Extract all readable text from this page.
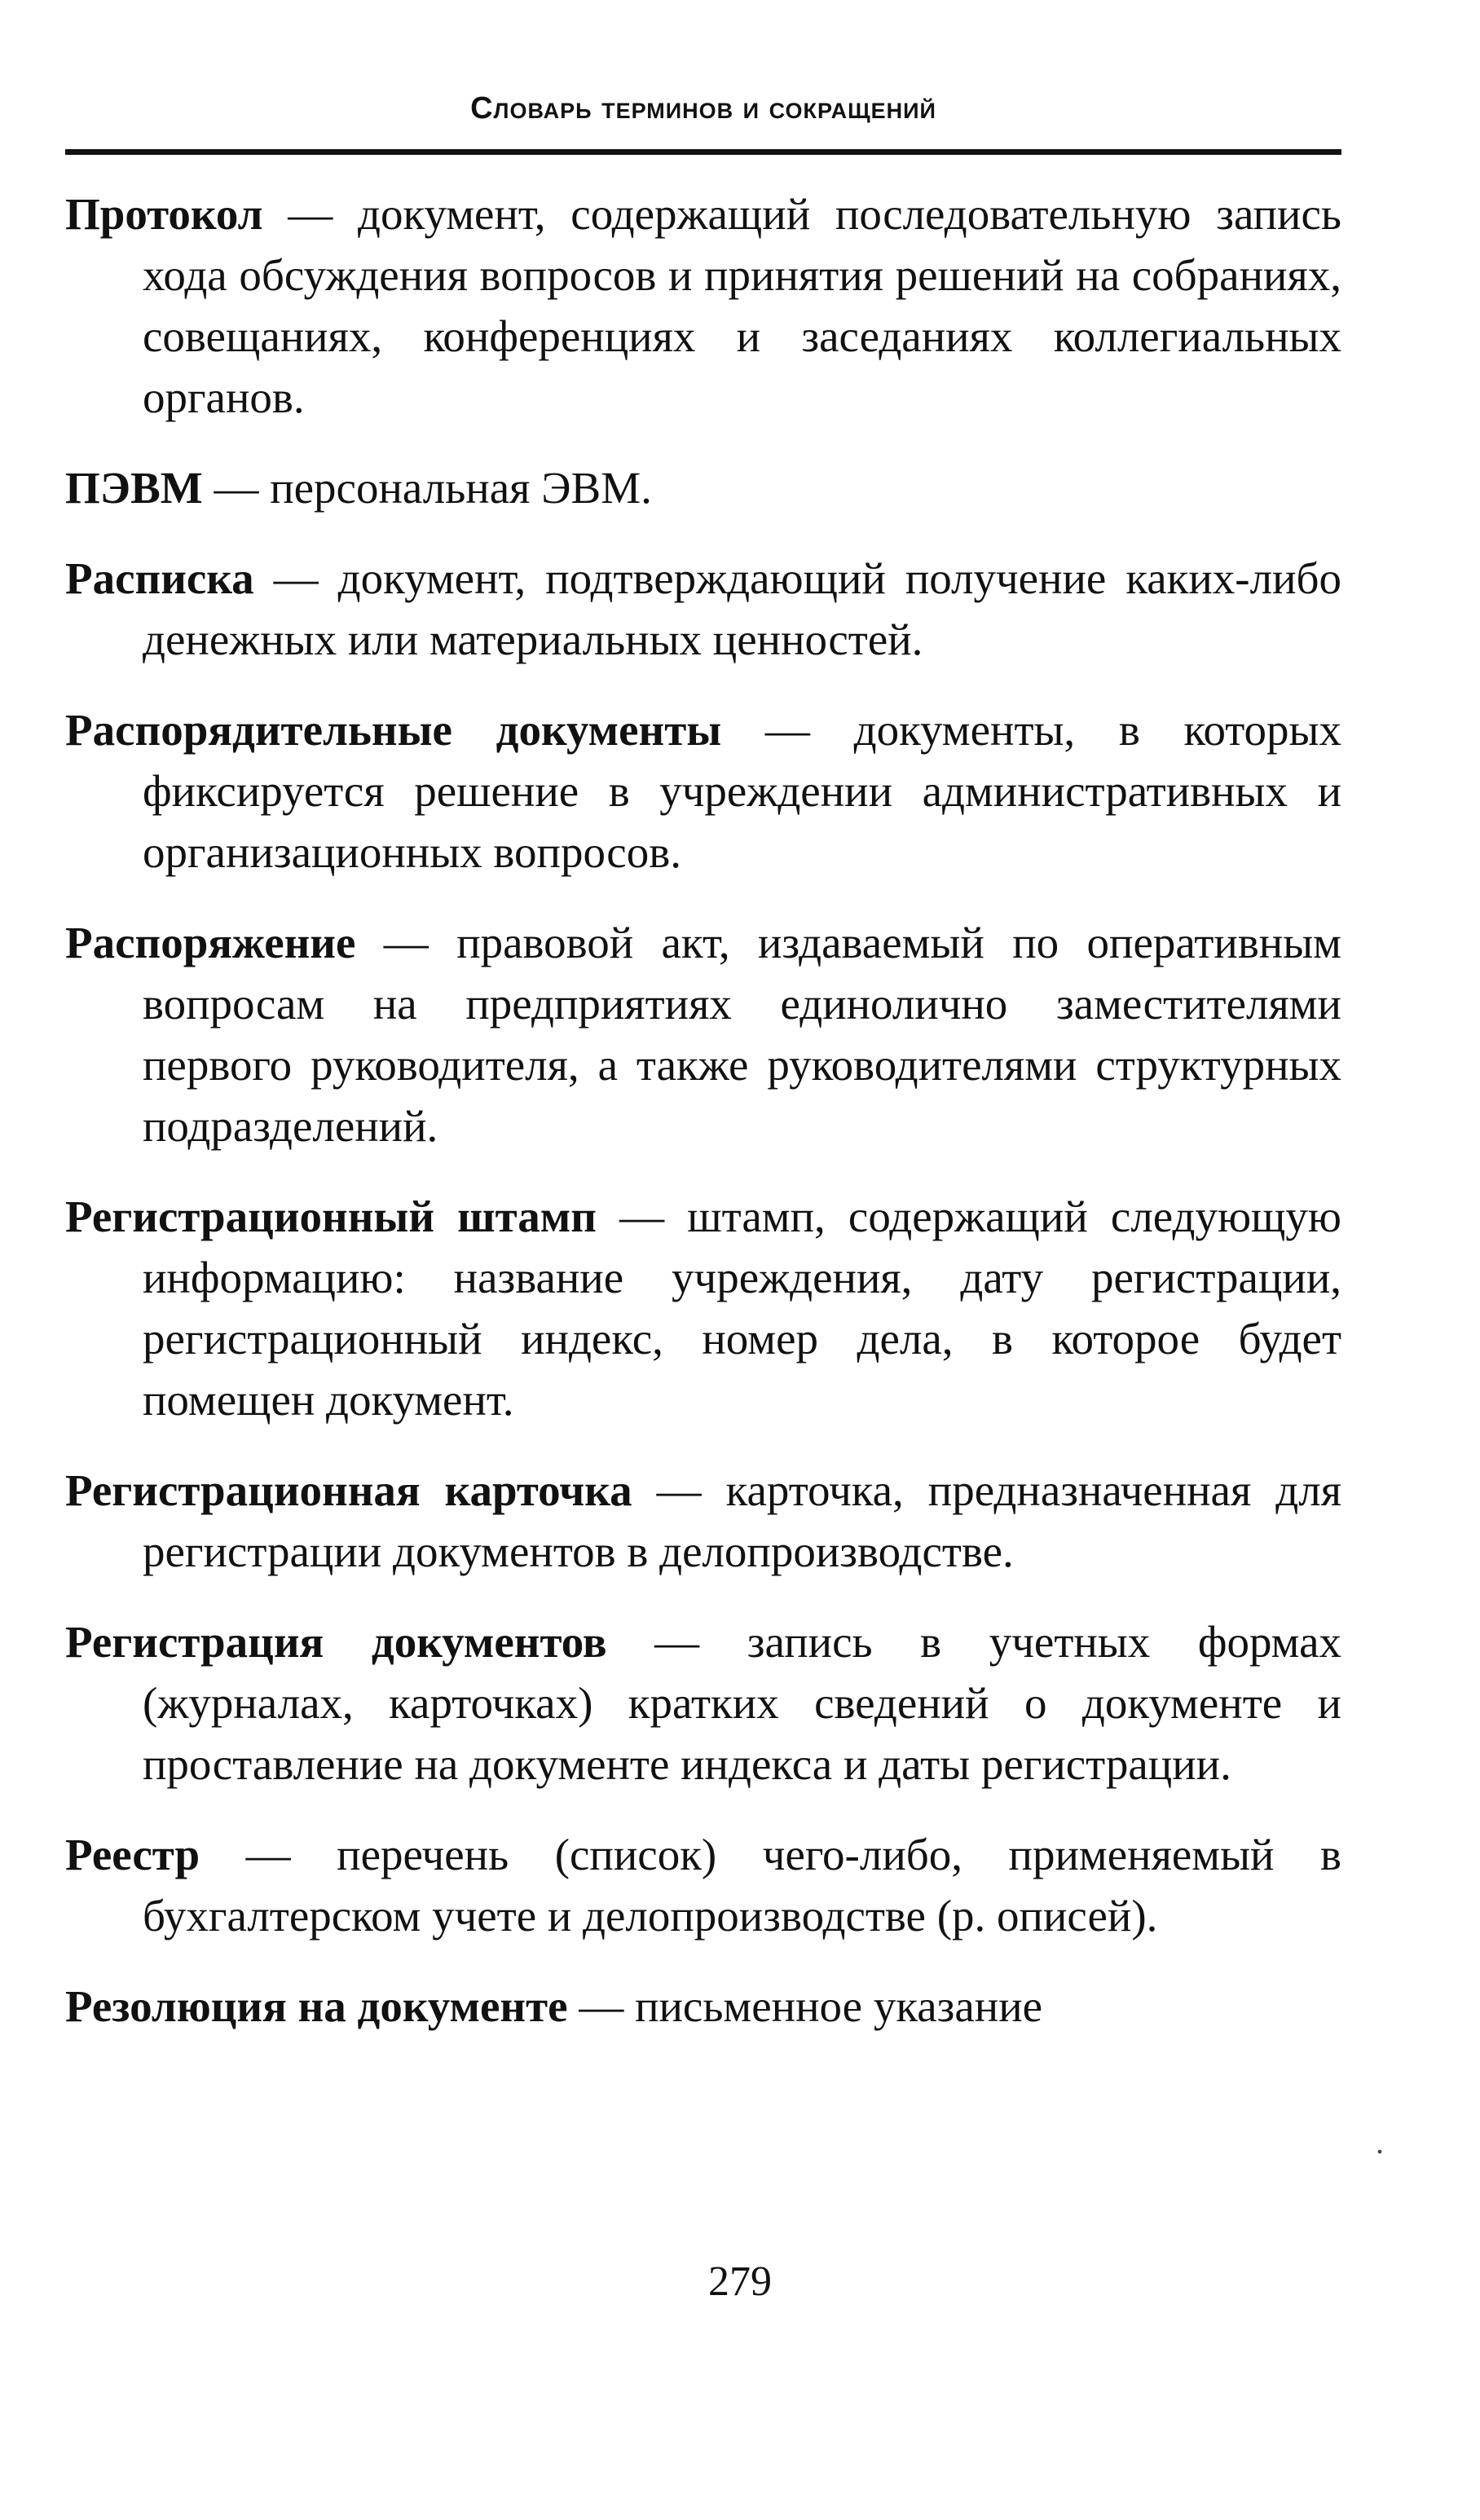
Словарь терминов и сокращений

Протокол — документ, содержащий последовательную запись хода обсуждения вопросов и принятия решений на собраниях, совещаниях, конференциях и заседаниях коллегиальных органов.

ПЭВМ — персональная ЭВМ.

Расписка — документ, подтверждающий получение каких-либо денежных или материальных ценностей.

Распорядительные документы — документы, в которых фиксируется решение в учреждении административных и организационных вопросов.

Распоряжение — правовой акт, издаваемый по оперативным вопросам на предприятиях единолично заместителями первого руководителя, а также руководителями структурных подразделений.

Регистрационный штамп — штамп, содержащий следующую информацию: название учреждения, дату регистрации, регистрационный индекс, номер дела, в которое будет помещен документ.

Регистрационная карточка — карточка, предназначенная для регистрации документов в делопроизводстве.

Регистрация документов — запись в учетных формах (журналах, карточках) кратких сведений о документе и проставление на документе индекса и даты регистрации.

Реестр — перечень (список) чего-либо, применяемый в бухгалтерском учете и делопроизводстве (р. описей).

Резолюция на документе — письменное указание

.
279
